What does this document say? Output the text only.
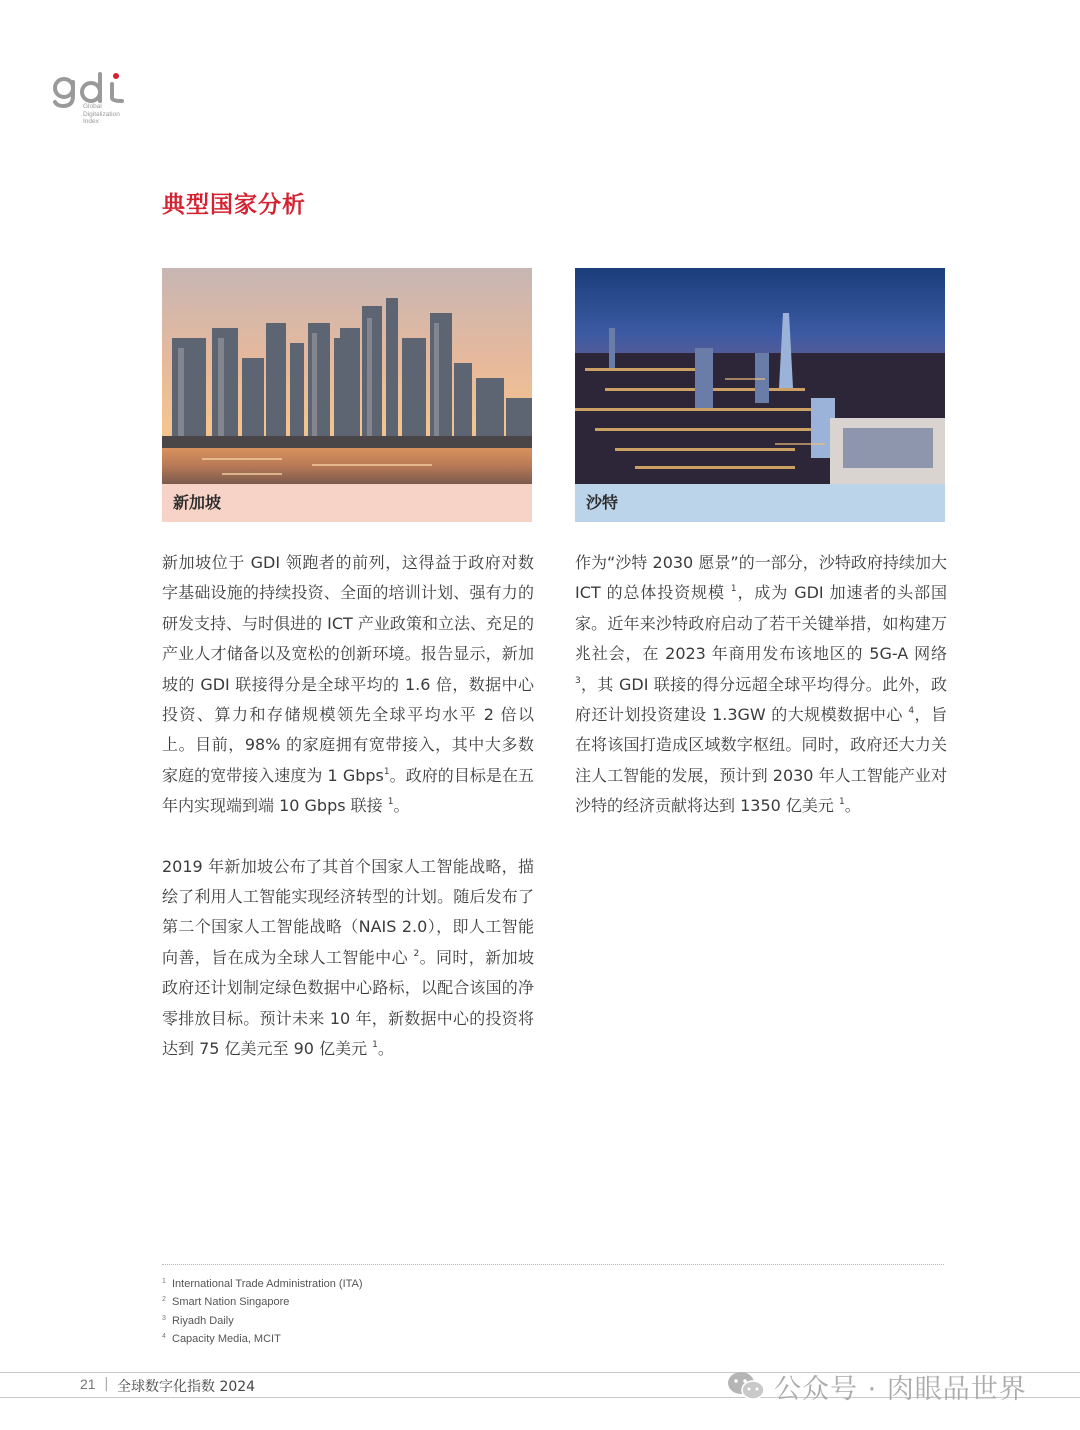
Global
Digitalization
Index
典型国家分析
新加坡	沙特

新加坡位于 GDI 领跑者的前列，这得益于政府对数字基础设施的持续投资、全面的培训计划、强有力的研发支持、与时俱进的 ICT 产业政策和立法、充足的产业人才储备以及宽松的创新环境。报告显示，新加坡的 GDI 联接得分是全球平均的 1.6 倍，数据中心投资、算力和存储规模领先全球平均水平 2 倍以上。目前，98% 的家庭拥有宽带接入，其中大多数家庭的宽带接入速度为 1 Gbps$^1$。政府的目标是在五年内实现端到端 10 Gbps 联接 $^1$。

2019 年新加坡公布了其首个国家人工智能战略，描绘了利用人工智能实现经济转型的计划。随后发布了第二个国家人工智能战略（NAIS 2.0），即人工智能向善，旨在成为全球人工智能中心 $^2$。同时，新加坡政府还计划制定绿色数据中心路标，以配合该国的净零排放目标。预计未来 10 年，新数据中心的投资将达到 75 亿美元至 90 亿美元 $^1$。

作为“沙特 2030 愿景”的一部分，沙特政府持续加大 ICT 的总体投资规模 $^1$，成为 GDI 加速者的头部国家。近年来沙特政府启动了若干关键举措，如构建万兆社会，在 2023 年商用发布该地区的 5G-A 网络 $^3$，其 GDI 联接的得分远超全球平均得分。此外，政府还计划投资建设 1.3GW 的大规模数据中心 $^4$，旨在将该国打造成区域数字枢纽。同时，政府还大力关注人工智能的发展，预计到 2030 年人工智能产业对沙特的经济贡献将达到 1350 亿美元 $^1$。

1 International Trade Administration (ITA)
2 Smart Nation Singapore
3 Riyadh Daily
4 Capacity Media, MCIT
21 | 全球数字化指数 2024	公众号 · 肉眼品世界
